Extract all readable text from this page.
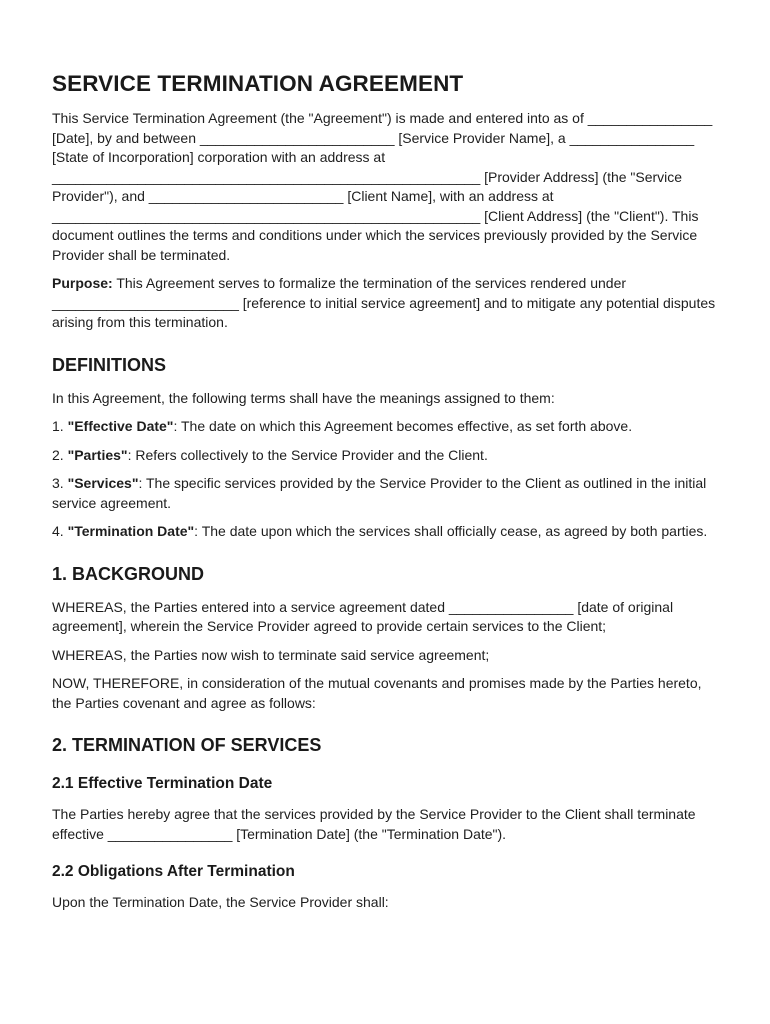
SERVICE TERMINATION AGREEMENT

This Service Termination Agreement (the "Agreement") is made and entered into as of ________________ [Date], by and between _________________________ [Service Provider Name], a ________________ [State of Incorporation] corporation with an address at _______________________________________________________ [Provider Address] (the "Service Provider"), and _________________________ [Client Name], with an address at _______________________________________________________ [Client Address] (the "Client"). This document outlines the terms and conditions under which the services previously provided by the Service Provider shall be terminated.

Purpose: This Agreement serves to formalize the termination of the services rendered under ________________________ [reference to initial service agreement] and to mitigate any potential disputes arising from this termination.

DEFINITIONS

In this Agreement, the following terms shall have the meanings assigned to them:

1. "Effective Date": The date on which this Agreement becomes effective, as set forth above.

2. "Parties": Refers collectively to the Service Provider and the Client.

3. "Services": The specific services provided by the Service Provider to the Client as outlined in the initial service agreement.

4. "Termination Date": The date upon which the services shall officially cease, as agreed by both parties.

1. BACKGROUND

WHEREAS, the Parties entered into a service agreement dated ________________ [date of original agreement], wherein the Service Provider agreed to provide certain services to the Client;

WHEREAS, the Parties now wish to terminate said service agreement;

NOW, THEREFORE, in consideration of the mutual covenants and promises made by the Parties hereto, the Parties covenant and agree as follows:

2. TERMINATION OF SERVICES
2.1 Effective Termination Date

The Parties hereby agree that the services provided by the Service Provider to the Client shall terminate effective ________________ [Termination Date] (the "Termination Date").

2.2 Obligations After Termination

Upon the Termination Date, the Service Provider shall:
